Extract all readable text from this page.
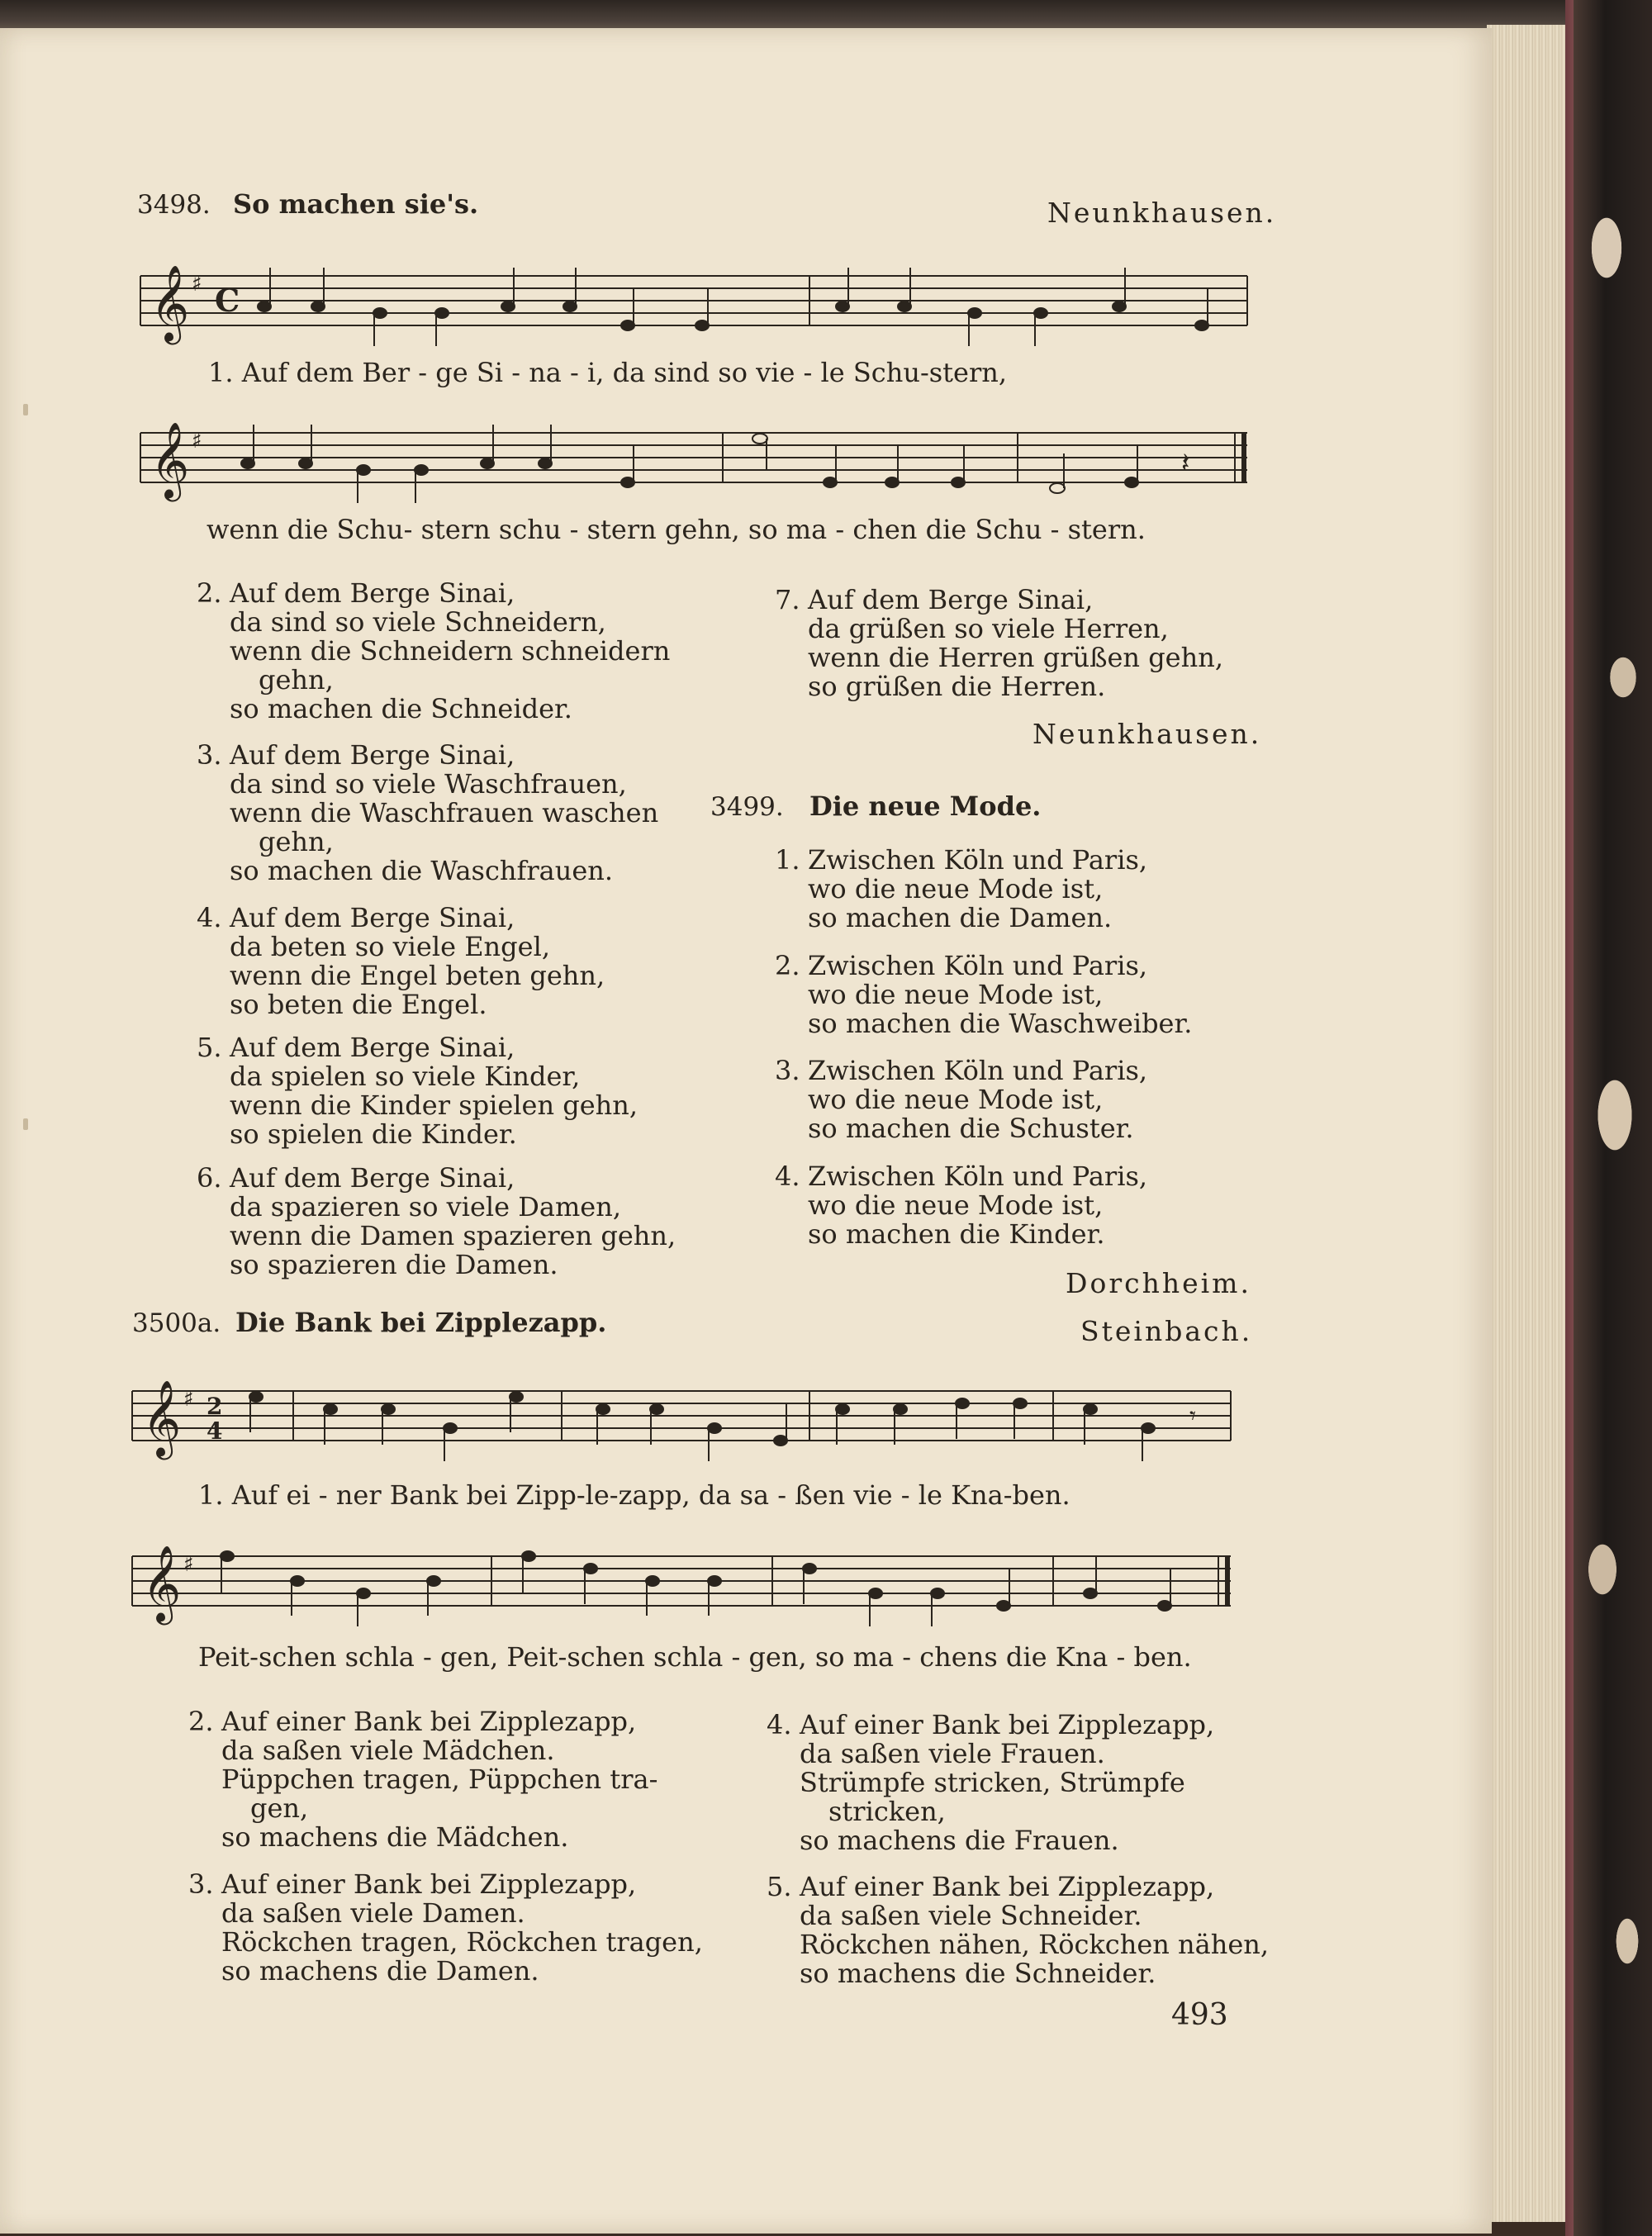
3498. So machen sie's.	Neunkhausen.
𝄞 ♯ C
1. Auf dem Ber - ge Si - na - i, da sind so vie - le Schu-stern,
𝄞 ♯
𝄽
wenn die Schu- stern schu - stern gehn, so ma - chen die Schu - stern.
2. Auf dem Berge Sinai,
da sind so viele Schneidern,
wenn die Schneidern schneidern
gehn,
so machen die Schneider.
3. Auf dem Berge Sinai,
da sind so viele Waschfrauen,
wenn die Waschfrauen waschen
gehn,
so machen die Waschfrauen.
4. Auf dem Berge Sinai,
da beten so viele Engel,
wenn die Engel beten gehn,
so beten die Engel.
5. Auf dem Berge Sinai,
da spielen so viele Kinder,
wenn die Kinder spielen gehn,
so spielen die Kinder.
6. Auf dem Berge Sinai,
da spazieren so viele Damen,
wenn die Damen spazieren gehn,
so spazieren die Damen.
7. Auf dem Berge Sinai,
da grüßen so viele Herren,
wenn die Herren grüßen gehn,
so grüßen die Herren.
Neunkhausen.
3499. Die neue Mode.
1. Zwischen Köln und Paris,
wo die neue Mode ist,
so machen die Damen.
2. Zwischen Köln und Paris,
wo die neue Mode ist,
so machen die Waschweiber.
3. Zwischen Köln und Paris,
wo die neue Mode ist,
so machen die Schuster.
4. Zwischen Köln und Paris,
wo die neue Mode ist,
so machen die Kinder.
Dorchheim.
3500a. Die Bank bei Zipplezapp.	Steinbach.
𝄞 ♯ 2
4
𝄾
1. Auf ei - ner Bank bei Zipp-le-zapp, da sa - ßen vie - le Kna-ben.
𝄞 ♯
Peit-schen schla - gen, Peit-schen schla - gen, so ma - chens die Kna - ben.
2. Auf einer Bank bei Zipplezapp,
da saßen viele Mädchen.
Püppchen tragen, Püppchen tra-
gen,
so machens die Mädchen.
3. Auf einer Bank bei Zipplezapp,
da saßen viele Damen.
Röckchen tragen, Röckchen tragen,
so machens die Damen.
4. Auf einer Bank bei Zipplezapp,
da saßen viele Frauen.
Strümpfe stricken, Strümpfe
stricken,
so machens die Frauen.
5. Auf einer Bank bei Zipplezapp,
da saßen viele Schneider.
Röckchen nähen, Röckchen nähen,
so machens die Schneider.
493
